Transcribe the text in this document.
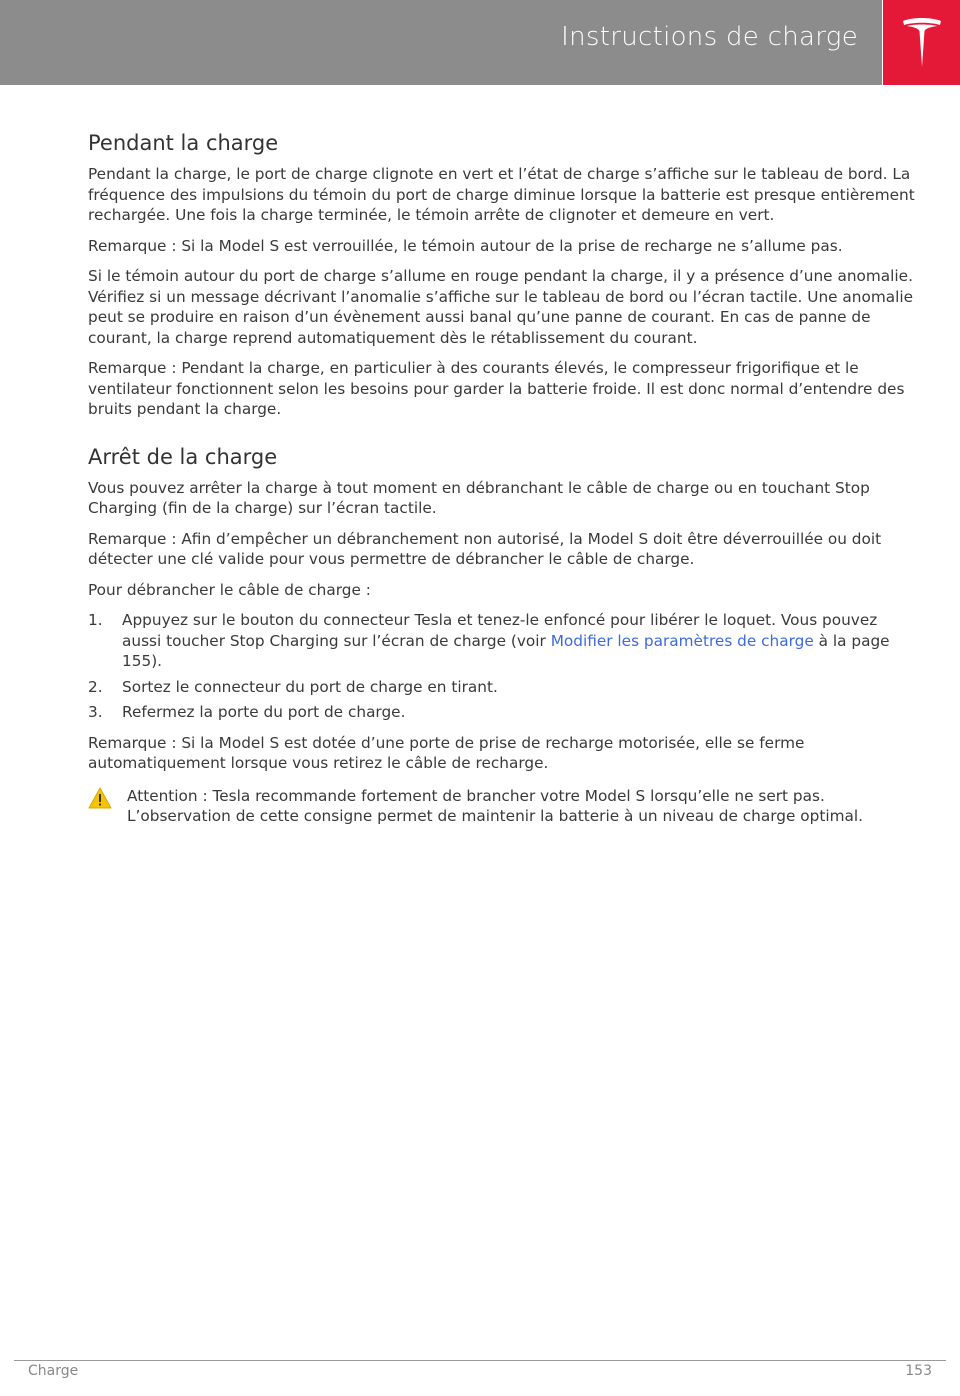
Instructions de charge
Pendant la charge

Pendant la charge, le port de charge clignote en vert et l’état de charge s’affiche sur le tableau de bord. La fréquence des impulsions du témoin du port de charge diminue lorsque la batterie est presque entièrement rechargée. Une fois la charge terminée, le témoin arrête de clignoter et demeure en vert.

Remarque : Si la Model S est verrouillée, le témoin autour de la prise de recharge ne s’allume pas.

Si le témoin autour du port de charge s’allume en rouge pendant la charge, il y a présence d’une anomalie. Vérifiez si un message décrivant l’anomalie s’affiche sur le tableau de bord ou l’écran tactile. Une anomalie peut se produire en raison d’un évènement aussi banal qu’une panne de courant. En cas de panne de courant, la charge reprend automatiquement dès le rétablissement du courant.

Remarque : Pendant la charge, en particulier à des courants élevés, le compresseur frigorifique et le ventilateur fonctionnent selon les besoins pour garder la batterie froide. Il est donc normal d’entendre des bruits pendant la charge.

Arrêt de la charge

Vous pouvez arrêter la charge à tout moment en débranchant le câble de charge ou en touchant Stop Charging (fin de la charge) sur l’écran tactile.

Remarque : Afin d’empêcher un débranchement non autorisé, la Model S doit être déverrouillée ou doit détecter une clé valide pour vous permettre de débrancher le câble de charge.

Pour débrancher le câble de charge :

1. Appuyez sur le bouton du connecteur Tesla et tenez-le enfoncé pour libérer le loquet. Vous pouvez aussi toucher Stop Charging sur l’écran de charge (voir Modifier les paramètres de charge à la page 155).
2. Sortez le connecteur du port de charge en tirant.
3. Refermez la porte du port de charge.

Remarque : Si la Model S est dotée d’une porte de prise de recharge motorisée, elle se ferme automatiquement lorsque vous retirez le câble de recharge.

Attention : Tesla recommande fortement de brancher votre Model S lorsqu’elle ne sert pas. L’observation de cette consigne permet de maintenir la batterie à un niveau de charge optimal.
Charge	153
